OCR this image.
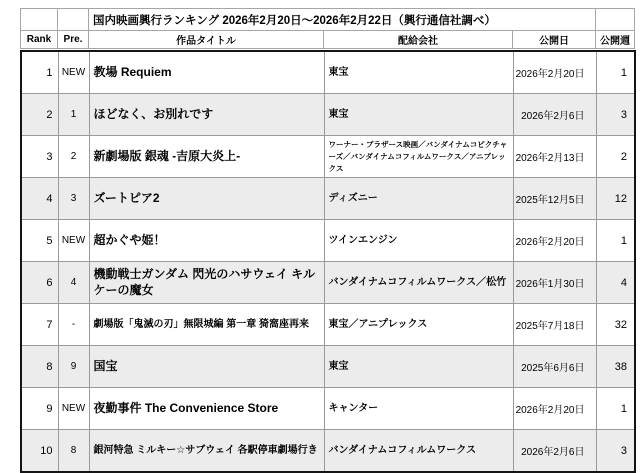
		国内映画興行ランキング 2026年2月20日～2026年2月22日（興行通信社調べ）			
Rank	Pre.	作品タイトル	配給会社	公開日	公開週
1	NEW	教場 Requiem	東宝	2026年2月20日	1
2	1	ほどなく、お別れです	東宝	2026年2月6日	3
3	2	新劇場版 銀魂 -吉原大炎上-	ワーナー・ブラザース映画／バンダイナムコピクチャーズ／バンダイナムコフィルムワークス／アニプレックス	2026年2月13日	2
4	3	ズートピア2	ディズニー	2025年12月5日	12
5	NEW	超かぐや姫！	ツインエンジン	2026年2月20日	1
6	4	機動戦士ガンダム 閃光のハサウェイ キルケーの魔女	バンダイナムコフィルムワークス／松竹	2026年1月30日	4
7	-	劇場版「鬼滅の刃」無限城編 第一章 猗窩座再来	東宝／アニプレックス	2025年7月18日	32
8	9	国宝	東宝	2025年6月6日	38
9	NEW	夜勤事件 The Convenience Store	キャンター	2026年2月20日	1
10	8	銀河特急 ミルキー☆サブウェイ 各駅停車劇場行き	バンダイナムコフィルムワークス	2026年2月6日	3
